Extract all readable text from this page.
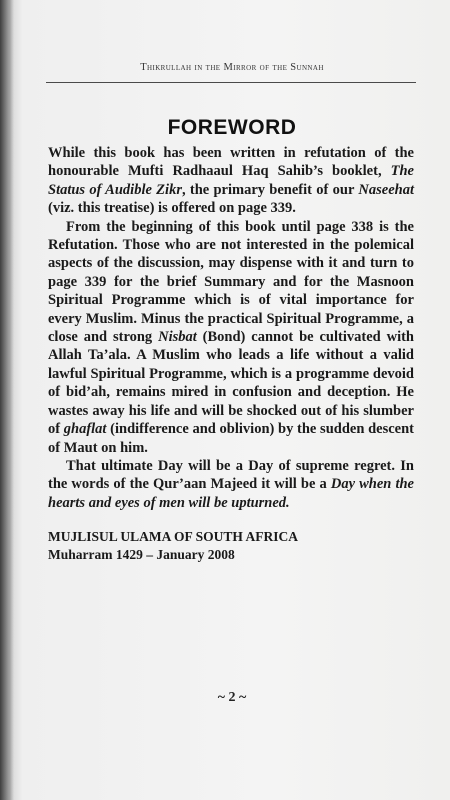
Thikrullah in the Mirror of the Sunnah
FOREWORD

While this book has been written in refutation of the honourable Mufti Radhaaul Haq Sahib’s booklet, The Status of Audible Zikr, the primary benefit of our Naseehat (viz. this treatise) is offered on page 339.

From the beginning of this book until page 338 is the Refutation. Those who are not interested in the polemical aspects of the discussion, may dispense with it and turn to page 339 for the brief Summary and for the Masnoon Spiritual Programme which is of vital importance for every Muslim. Minus the practical Spiritual Programme, a close and strong Nisbat (Bond) cannot be cultivated with Allah Ta’ala. A Muslim who leads a life without a valid lawful Spiritual Programme, which is a programme devoid of bid’ah, remains mired in confusion and deception. He wastes away his life and will be shocked out of his slumber of ghaflat (indifference and oblivion) by the sudden descent of Maut on him.

That ultimate Day will be a Day of supreme regret. In the words of the Qur’aan Majeed it will be a Day when the hearts and eyes of men will be upturned.

MUJLISUL ULAMA OF SOUTH AFRICA
Muharram 1429 – January 2008
~ 2 ~
